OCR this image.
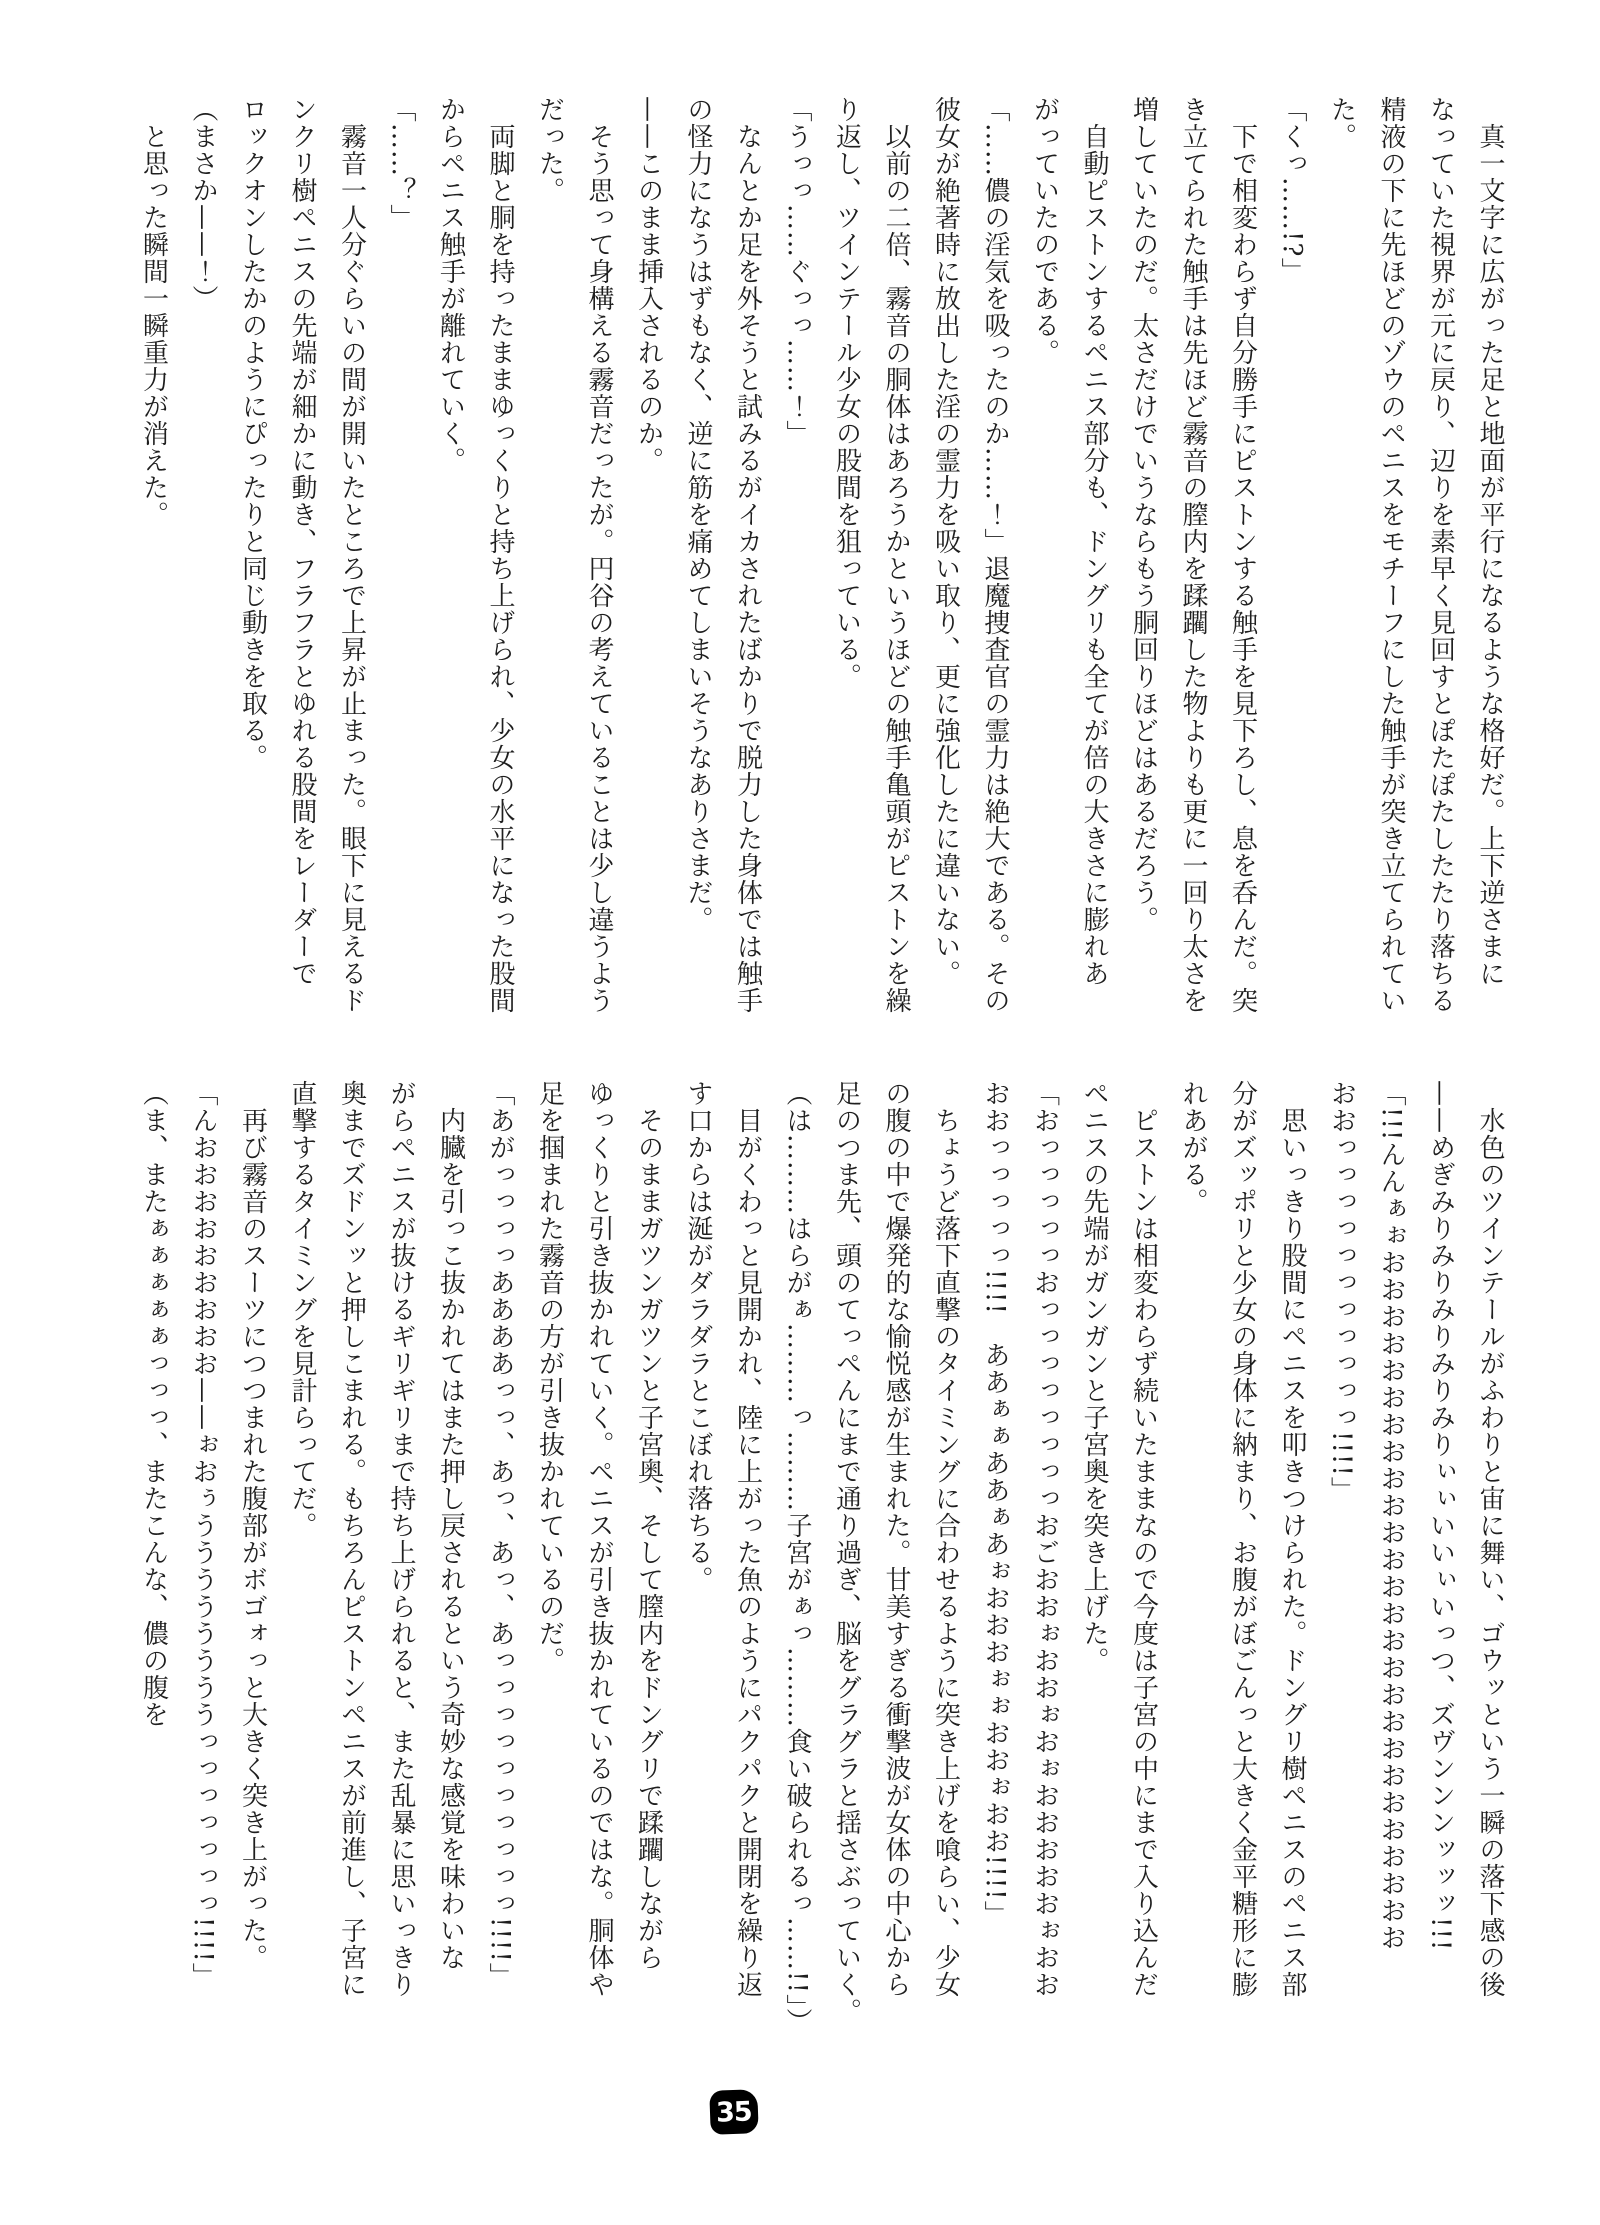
　真一文字に広がった足と地面が平行になるような格好だ。上下逆さまに

なっていた視界が元に戻り、辺りを素早く見回すとぽたぽたしたたり落ちる

精液の下に先ほどのゾウのペニスをモチーフにした触手が突き立てられてい

た。

「くっ……!?」

　下で相変わらず自分勝手にピストンする触手を見下ろし、息を呑んだ。突

き立てられた触手は先ほど霧音の膣内を蹂躙した物よりも更に一回り太さを

増していたのだ。太さだけでいうならもう胴回りほどはあるだろう。

　自動ピストンするペニス部分も、ドングリも全てが倍の大きさに膨れあ

がっていたのである。

「……儂の淫気を吸ったのか……！」退魔捜査官の霊力は絶大である。その

彼女が絶著時に放出した淫の霊力を吸い取り、更に強化したに違いない。

　以前の二倍、霧音の胴体はあろうかというほどの触手亀頭がピストンを繰

り返し、ツインテール少女の股間を狙っている。

「うっっ……ぐっっ……！」

　なんとか足を外そうと試みるがイカされたばかりで脱力した身体では触手

の怪力になうはずもなく、逆に筋を痛めてしまいそうなありさまだ。

——このまま挿入されるのか。

　そう思って身構える霧音だったが。円谷の考えていることは少し違うよう

だった。

　両脚と胴を持ったままゆっくりと持ち上げられ、少女の水平になった股間

からペニス触手が離れていく。

「……？」

　霧音一人分ぐらいの間が開いたところで上昇が止まった。眼下に見えるド

ンクリ樹ペニスの先端が細かに動き、フラフラとゆれる股間をレーダーで

ロックオンしたかのようにぴったりと同じ動きを取る。

（まさか——！）

　と思った瞬間一瞬重力が消えた。

　水色のツインテールがふわりと宙に舞い、ゴウッという一瞬の落下感の後

——めぎみりみりみりみりみりぃぃいいぃいっつ、ズヴンンンッッッ!!!

「!!!んんぁぉおおおおおおおおおおおおおおおおおおおおおおおおおお

おおっっっっっっっっっっっ!!!!」

　思いっきり股間にペニスを叩きつけられた。ドングリ樹ペニスのペニス部

分がズッポリと少女の身体に納まり、お腹がぼごんっと大きく金平糖形に膨

れあがる。

　ピストンは相変わらず続いたままなので今度は子宮の中にまで入り込んだ

ペニスの先端がガンガンと子宮奥を突き上げた。

「おっっっっっおっっっっっっっっおごおおぉおおぉおぉおおおおおぉおお

おおっっっっっ!!!!　ああぁぁああぁあぉおおおぉぉおおぉおお!!!!」

　ちょうど落下直撃のタイミングに合わせるように突き上げを喰らい、少女

の腹の中で爆発的な愉悦感が生まれた。甘美すぎる衝撃波が女体の中心から

足のつま先、頭のてっぺんにまで通り過ぎ、脳をグラグラと揺さぶっていく。

（は………はらがぁ………っ………子宮がぁっ………食い破られるっ……!!」）

　目がくわっと見開かれ、陸に上がった魚のようにパクパクと開閉を繰り返

す口からは涎がダラダラとこぼれ落ちる。

　そのままガツンガツンと子宮奥、そして膣内をドングリで蹂躙しながら

ゆっくりと引き抜かれていく。ペニスが引き抜かれているのではな。胴体や

足を掴まれた霧音の方が引き抜かれているのだ。

「あがっっっっああああっっ、あっ、あっ、あっっっっっっっっっっ!!!!」

　内臓を引っこ抜かれてはまた押し戻されるという奇妙な感覚を味わいな

がらペニスが抜けるギリギリまで持ち上げられると、また乱暴に思いっきり

奥までズドンッと押しこまれる。もちろんピストンペニスが前進し、子宮に

直撃するタイミングを見計らってだ。

　再び霧音のスーツにつつまれた腹部がボゴォっと大きく突き上がった。

「んおおおおおおおおお——ぉおぅううううううううっっっっっっっ!!!!」

（ま、またぁぁぁぁぁっっっ、またこんな、儂の腹を

35
